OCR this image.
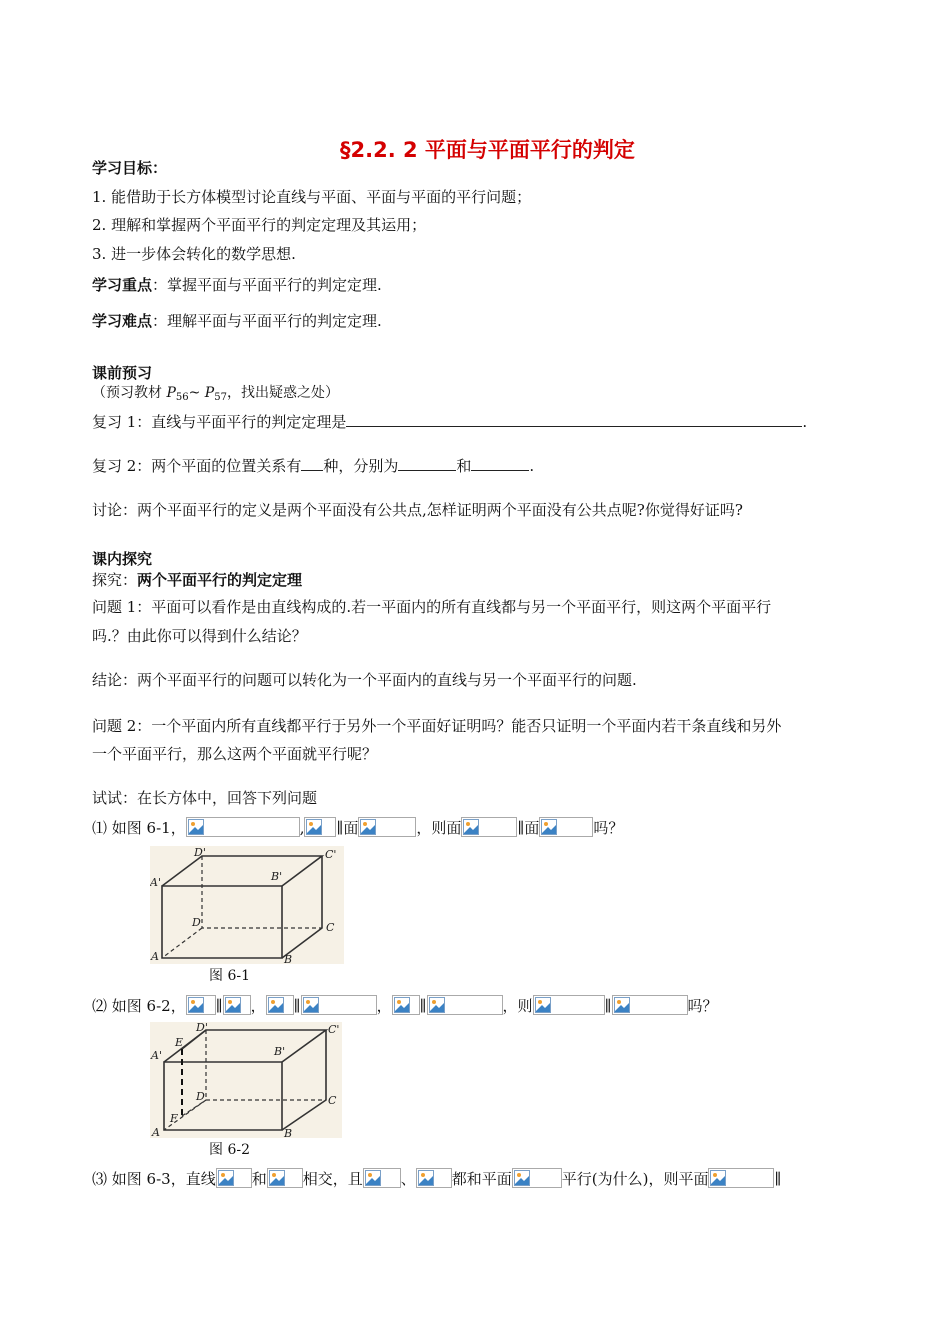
§2.2. 2 平面与平面平行的判定
学习目标：
1. 能借助于长方体模型讨论直线与平面、平面与平面的平行问题；
2. 理解和掌握两个平面平行的判定定理及其运用；
3. 进一步体会转化的数学思想.
学习重点：掌握平面与平面平行的判定定理.
学习难点：理解平面与平面平行的判定定理.
课前预习
（预习教材 $P_{56}\sim$ $P_{57}$，找出疑惑之处）
复习 1：直线与平面平行的判定定理是	.
复习 2：两个平面的位置关系有 种，分别为	和	.
讨论：两个平面平行的定义是两个平面没有公共点,怎样证明两个平面没有公共点呢?你觉得好证吗?
课内探究
探究：两个平面平行的判定定理
问题 1：平面可以看作是由直线构成的.若一平面内的所有直线都与另一个平面平行，则这两个平面平行
吗.？由此你可以得到什么结论？
结论：两个平面平行的问题可以转化为一个平面内的直线与另一个平面平行的问题.
问题 2：一个平面内所有直线都平行于另外一个平面好证明吗？能否只证明一个平面内若干条直线和另外
一个平面平行，那么这两个平面就平行呢？
试试：在长方体中，回答下列问题
⑴ 如图 6-1，	, ∥面	，则面	∥面	吗？
D'	C'
A'	B'
D	C
A	B
图 6-1
⑵ 如图 6-2， ∥ ， ∥	， ∥	，则	∥	吗？
D'	C'
A'
E
B'
D	C
F
A	B
图 6-2
⑶ 如图 6-3，直线 和 相交，且	、 都和平面	平行(为什么)，则平面	∥
